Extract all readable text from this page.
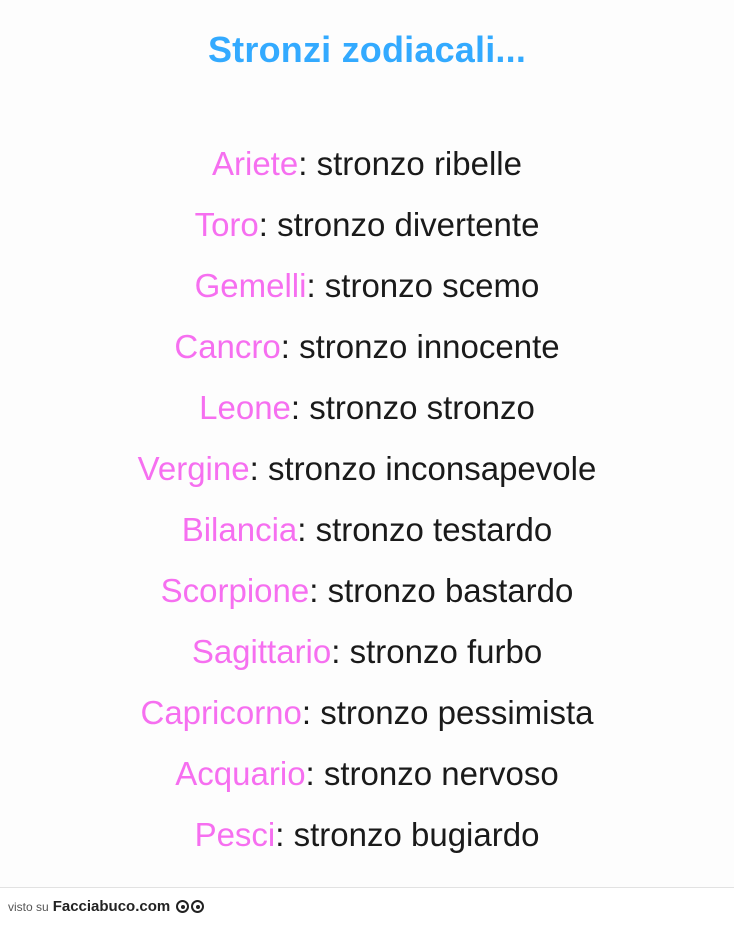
Stronzi zodiacali...
Ariete: stronzo ribelle
Toro: stronzo divertente
Gemelli: stronzo scemo
Cancro: stronzo innocente
Leone: stronzo stronzo
Vergine: stronzo inconsapevole
Bilancia: stronzo testardo
Scorpione: stronzo bastardo
Sagittario: stronzo furbo
Capricorno: stronzo pessimista
Acquario: stronzo nervoso
Pesci: stronzo bugiardo
visto su Facciabuco.com
